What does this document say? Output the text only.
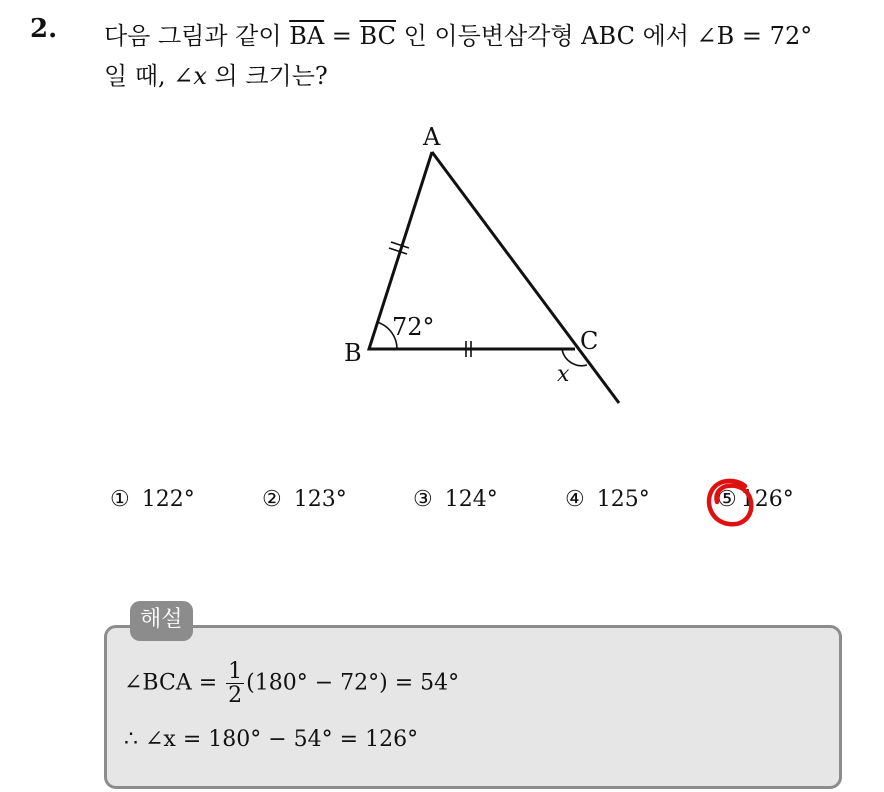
2. 다음 그림과 같이 $\overline{BA} = \overline{BC}$ 인 이등변삼각형 ABC 에서 ∠B = 72°
일 때, ∠x 의 크기는?
A
B	C
72°
x
① 122°	② 123°	③ 124°	④ 125°	⑤ 126°
해설
∠BCA = $\frac{1}{2} (180^\circ - 72^\circ) = 54^\circ$
∴ ∠x = 180° − 54° = 126°
